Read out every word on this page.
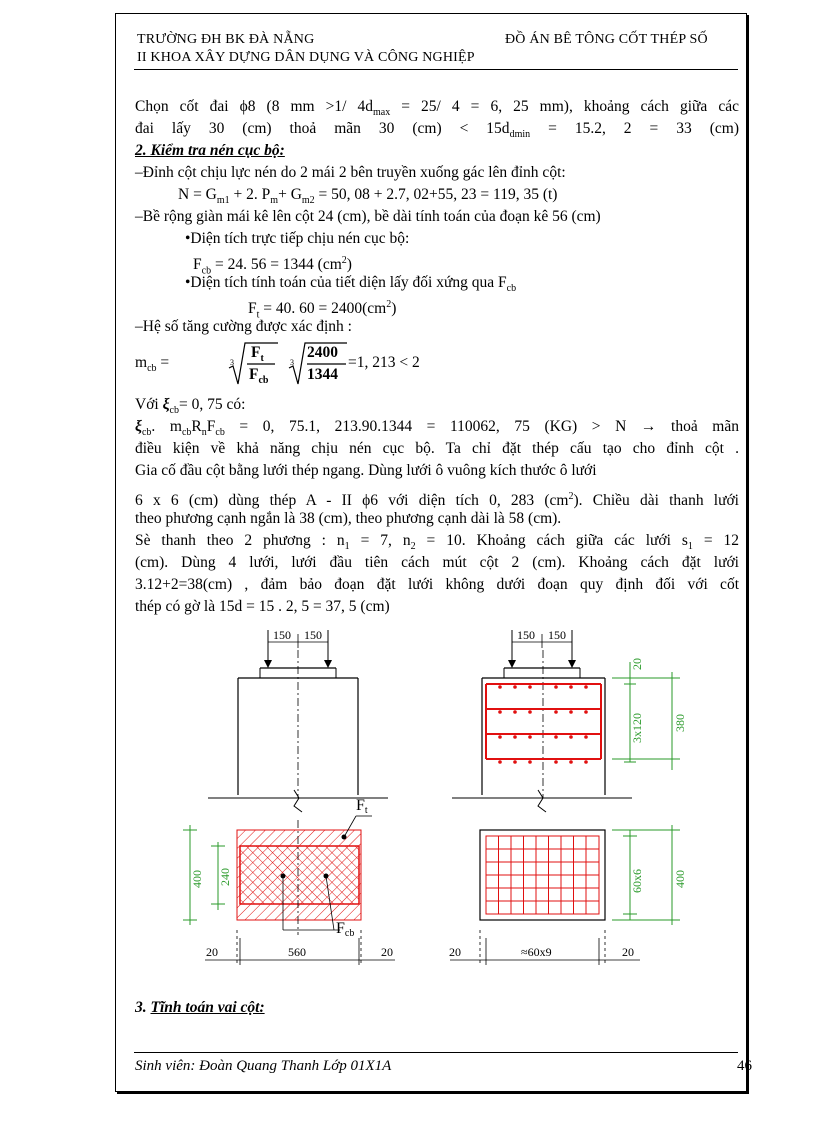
TRƯỜNG ĐH BK ĐÀ NẴNG	ĐỒ ÁN BÊ TÔNG CỐT THÉP SỐ
II KHOA XÂY DỰNG DÂN DỤNG VÀ CÔNG NGHIỆP
Chọn cốt đai ϕ8 (8 mm >1/ $4d_{max} = 25/$ 4 = 6, 25 mm), khoảng cách giữa các
đai lấy 30 (cm) thoả mãn 30 $(cm) < 15d_{dmin} = 15.2$, 2 = 33 (cm)
2. Kiểm tra nén cục bộ:
–Đỉnh cột chịu lực nén do 2 mái 2 bên truyền xuống gác lên đỉnh cột:
$N = G_{m1} + 2$. $P_m+ G_{m2} = 50$, 08 + 2.7, 02+55, 23 = 119, 35 (t)
–Bề rộng giàn mái kê lên cột 24 (cm), bề dài tính toán của đoạn kê 56 (cm)
•Diện tích trực tiếp chịu nén cục bộ:
$F_{cb} = 24$. 56 = 1344 $(cm^2)$
•Diện tích tính toán của tiết diện lấy đối xứng qua $F_{cb}$
$F_t = 40$. $60 = 2400(cm^2)$
–Hệ số tăng cường được xác định :
$m_{cb}$ =	3	3
$F_t$
$F_{cb}$
2400
1344
=1, 213 < 2
Với $\xi_{cb}= 0$, 75 có:
$\xi_{cb}$. $m_{cb}R_nF_{cb} = 0$, 75.1, 213.90.1344 = 110062, 75 (KG) > N → thoả mãn
điều kiện về khả năng chịu nén cục bộ. Ta chỉ đặt thép cấu tạo cho đỉnh cột .
Gia cố đầu cột bằng lưới thép ngang. Dùng lưới ô vuông kích thước ô lưới
6 x 6 (cm) dùng thép A - II ϕ6 với diện tích 0, 283 $(cm^2)$. Chiều dài thanh lưới
theo phương cạnh ngắn là 38 (cm), theo phương cạnh dài là 58 (cm).
Sè thanh theo 2 phương : $n_1 = 7$, $n_2 = 10$. Khoảng cách giữa các lưới $s_1 = 12$
(cm). Dùng 4 lưới, lưới đầu tiên cách mút cột 2 (cm). Khoảng cách đặt lưới
3.12+2=38(cm) , đảm bảo đoạn đặt lưới không dưới đoạn quy định đối với cốt
thép có gờ là 15d = 15 . 2, 5 = 37, 5 (cm)
150 150	150 150
20
3x120 380
Ft
Fcb
400 240
20	560	20
60x6 400
20	≈60x9	20
3. Tĩnh toán vai cột:
Sinh viên: Đoàn Quang Thanh Lớp 01X1A	46
